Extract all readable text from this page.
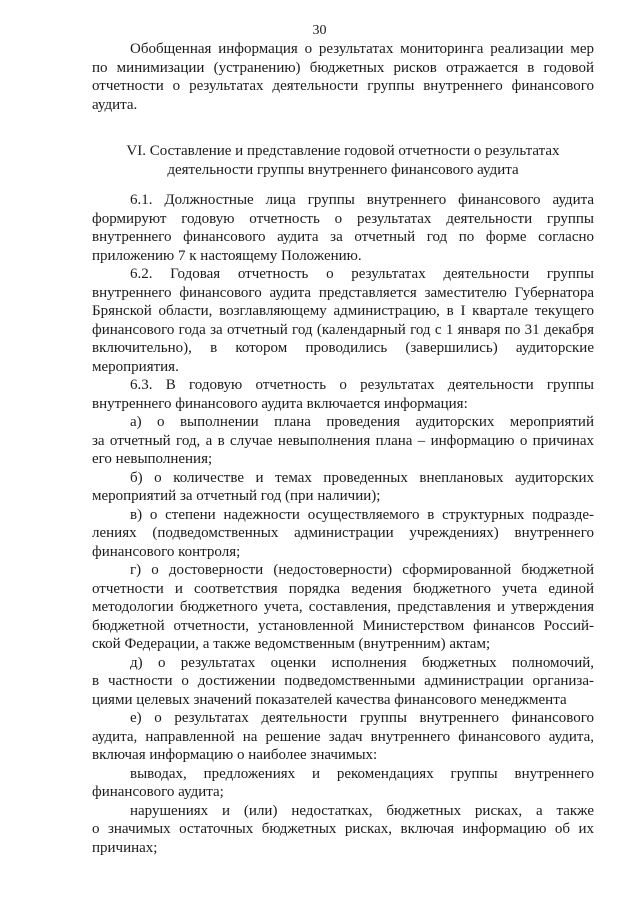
30
Обобщенная информация о результатах мониторинга реализации мер
по минимизации (устранению) бюджетных рисков отражается в годовой
отчетности о результатах деятельности группы внутреннего финансового
аудита.
VI. Составление и представление годовой отчетности о результатах
деятельности группы внутреннего финансового аудита
6.1. Должностные лица группы внутреннего финансового аудита
формируют годовую отчетность о результатах деятельности группы
внутреннего финансового аудита за отчетный год по форме согласно
приложению 7 к настоящему Положению.
6.2. Годовая отчетность о результатах деятельности группы
внутреннего финансового аудита представляется заместителю Губернатора
Брянской области, возглавляющему администрацию, в I квартале текущего
финансового года за отчетный год (календарный год с 1 января по 31 декабря
включительно), в котором проводились (завершились) аудиторские
мероприятия.
6.3. В годовую отчетность о результатах деятельности группы
внутреннего финансового аудита включается информация:
а) о выполнении плана проведения аудиторских мероприятий
за отчетный год, а в случае невыполнения плана – информацию о причинах
его невыполнения;
б) о количестве и темах проведенных внеплановых аудиторских
мероприятий за отчетный год (при наличии);
в) о степени надежности осуществляемого в структурных подразде-
лениях (подведомственных администрации учреждениях) внутреннего
финансового контроля;
г) о достоверности (недостоверности) сформированной бюджетной
отчетности и соответствия порядка ведения бюджетного учета единой
методологии бюджетного учета, составления, представления и утверждения
бюджетной отчетности, установленной Министерством финансов Россий-
ской Федерации, а также ведомственным (внутренним) актам;
д) о результатах оценки исполнения бюджетных полномочий,
в частности о достижении подведомственными администрации организа-
циями целевых значений показателей качества финансового менеджмента
е) о результатах деятельности группы внутреннего финансового
аудита, направленной на решение задач внутреннего финансового аудита,
включая информацию о наиболее значимых:
выводах, предложениях и рекомендациях группы внутреннего
финансового аудита;
нарушениях и (или) недостатках, бюджетных рисках, а также
о значимых остаточных бюджетных рисках, включая информацию об их
причинах;
